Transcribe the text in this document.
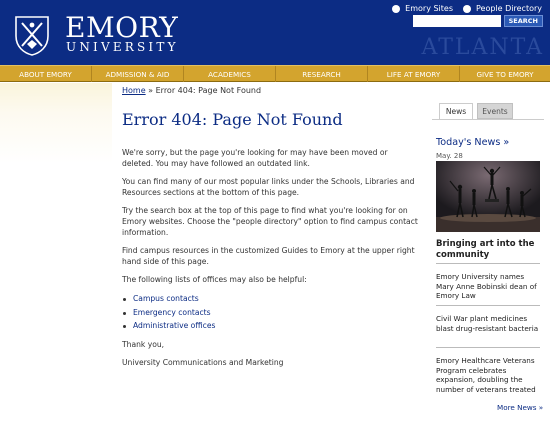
EMORY
UNIVERSITY	ATLANTA
Emory Sites	People Directory
SEARCH
ABOUT EMORY	ADMISSION & AID	ACADEMICS	RESEARCH	LIFE AT EMORY	GIVE TO EMORY
Home » Error 404: Page Not Found
Error 404: Page Not Found

We're sorry, but the page you're looking for may have been moved or deleted. You may have followed an outdated link.

You can find many of our most popular links under the Schools, Libraries and Resources sections at the bottom of this page.

Try the search box at the top of this page to find what you're looking for on Emory websites. Choose the "people directory" option to find campus contact information.

Find campus resources in the customized Guides to Emory at the upper right hand side of this page.

The following lists of offices may also be helpful:

Campus contacts
Emergency contacts
Administrative offices

Thank you,

University Communications and Marketing

News	Events
Today's News »
May. 28
Bringing art into the community
Emory University names Mary Anne Bobinski dean of Emory Law
Civil War plant medicines blast drug-resistant bacteria
Emory Healthcare Veterans Program celebrates expansion, doubling the number of veterans treated
More News »
